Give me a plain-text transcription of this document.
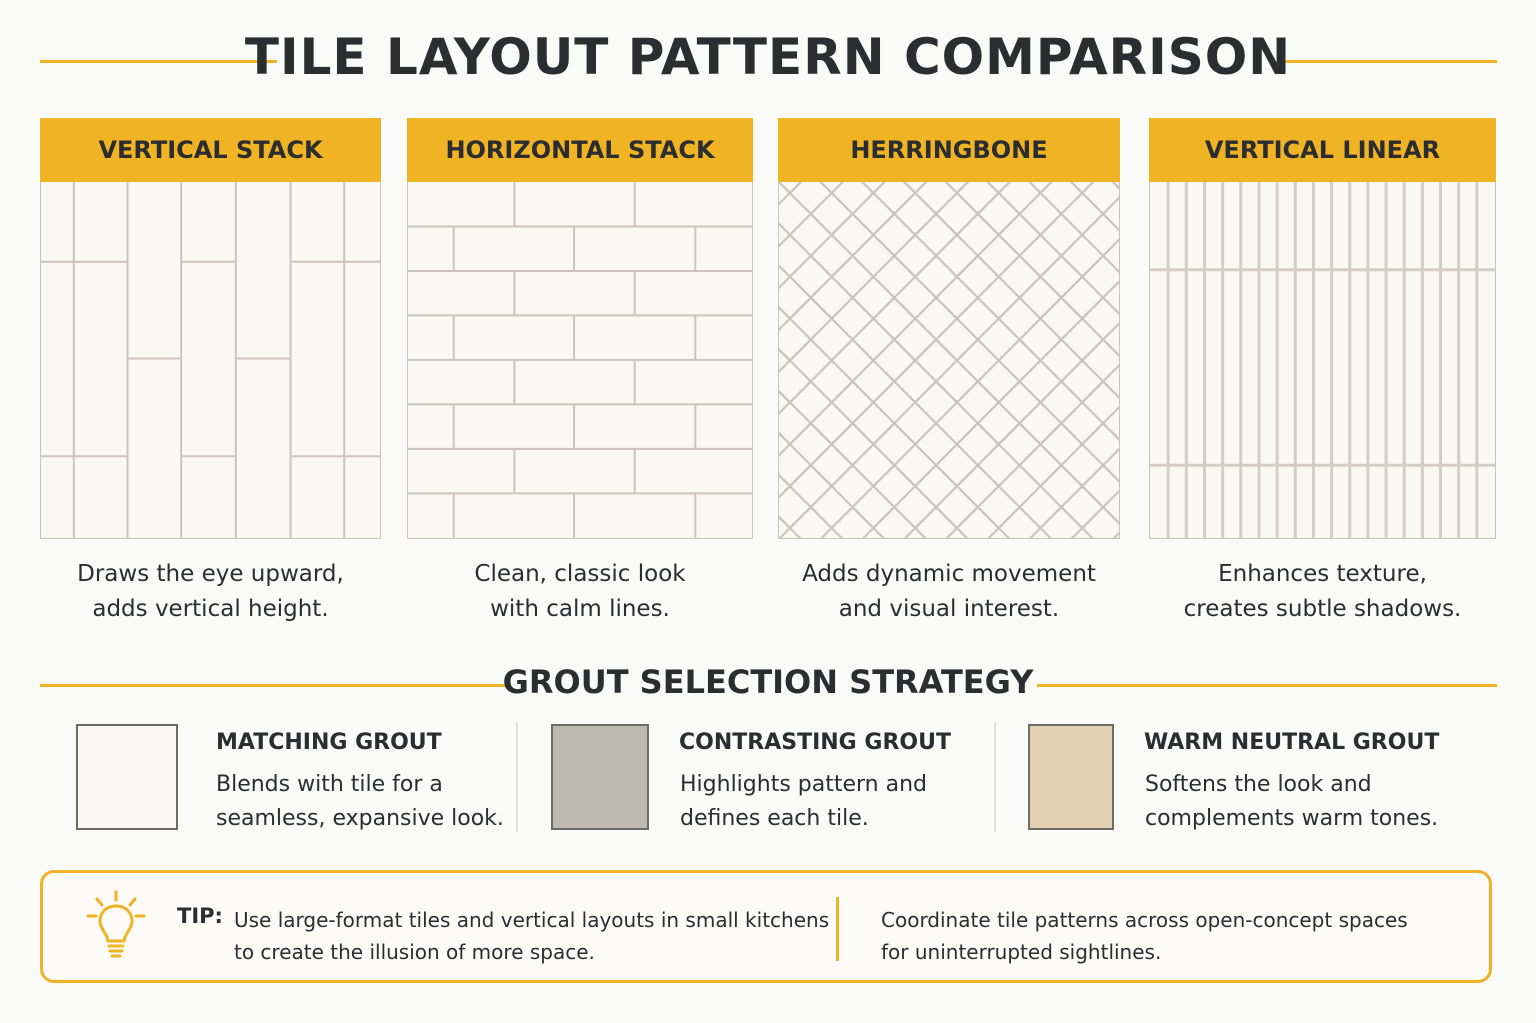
TILE LAYOUT PATTERN COMPARISON
VERTICAL STACK
Draws the eye upward,
adds vertical height.
HORIZONTAL STACK
Clean, classic look
with calm lines.
HERRINGBONE
Adds dynamic movement
and visual interest.
VERTICAL LINEAR
Enhances texture,
creates subtle shadows.
GROUT SELECTION STRATEGY
MATCHING GROUT
Blends with tile for a
seamless, expansive look.
CONTRASTING GROUT
Highlights pattern and
defines each tile.
WARM NEUTRAL GROUT
Softens the look and
complements warm tones.
TIP: Use large-format tiles and vertical layouts in small kitchens
to create the illusion of more space.
Coordinate tile patterns across open-concept spaces
for uninterrupted sightlines.
